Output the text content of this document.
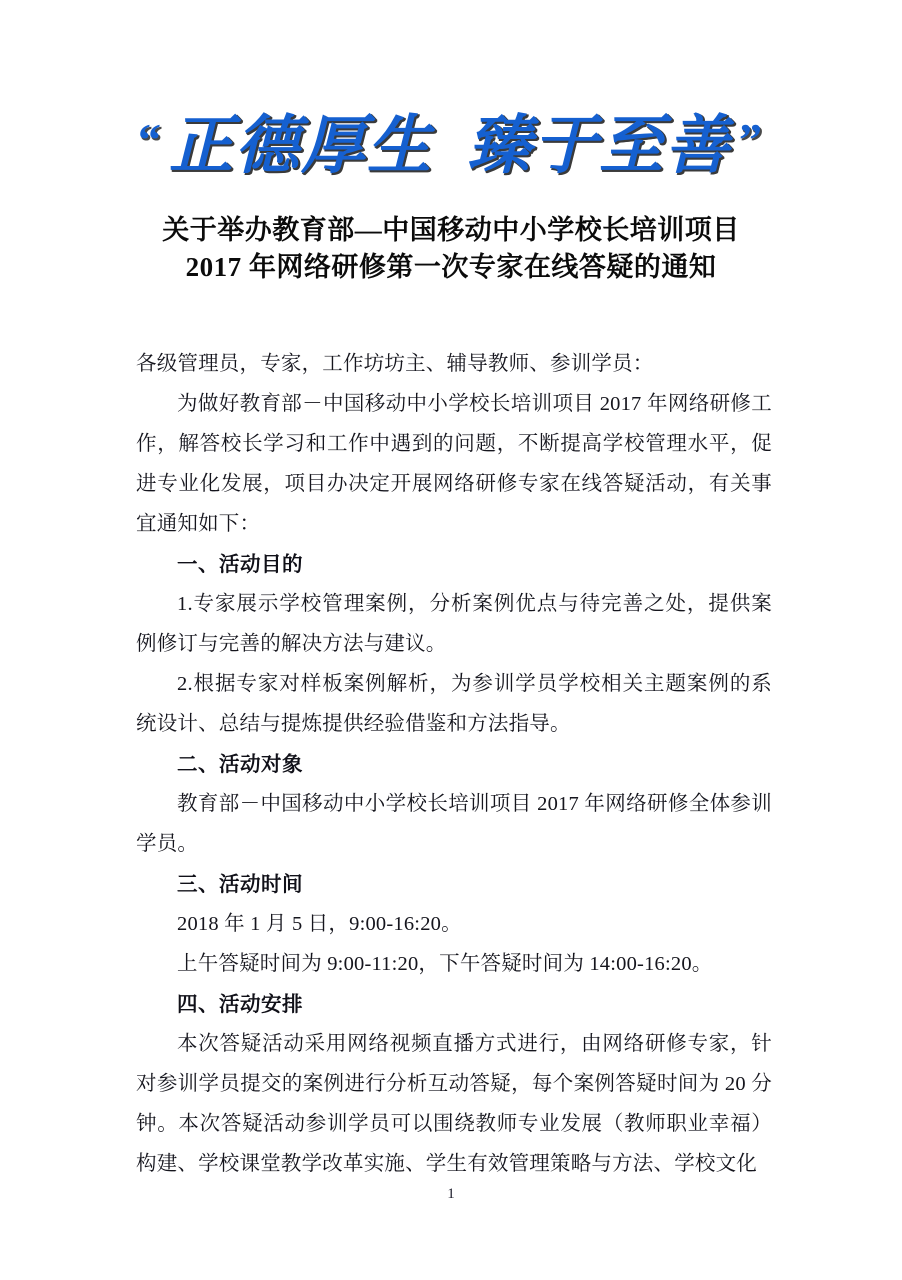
“ 正德厚生 臻于至善 ”
关于举办教育部—中国移动中小学校长培训项目
2017 年网络研修第一次专家在线答疑的通知

各级管理员，专家，工作坊坊主、辅导教师、参训学员：

为做好教育部－中国移动中小学校长培训项目 2017 年网络研修工作，解答校长学习和工作中遇到的问题，不断提高学校管理水平，促进专业化发展，项目办决定开展网络研修专家在线答疑活动，有关事宜通知如下：

一、活动目的

1.专家展示学校管理案例，分析案例优点与待完善之处，提供案例修订与完善的解决方法与建议。

2.根据专家对样板案例解析，为参训学员学校相关主题案例的系统设计、总结与提炼提供经验借鉴和方法指导。

二、活动对象

教育部－中国移动中小学校长培训项目 2017 年网络研修全体参训学员。

三、活动时间

2018 年 1 月 5 日，9:00-16:20。

上午答疑时间为 9:00-11:20，下午答疑时间为 14:00-16:20。

四、活动安排

本次答疑活动采用网络视频直播方式进行，由网络研修专家，针对参训学员提交的案例进行分析互动答疑，每个案例答疑时间为 20 分钟。本次答疑活动参训学员可以围绕教师专业发展（教师职业幸福）构建、学校课堂教学改革实施、学生有效管理策略与方法、学校文化

1
